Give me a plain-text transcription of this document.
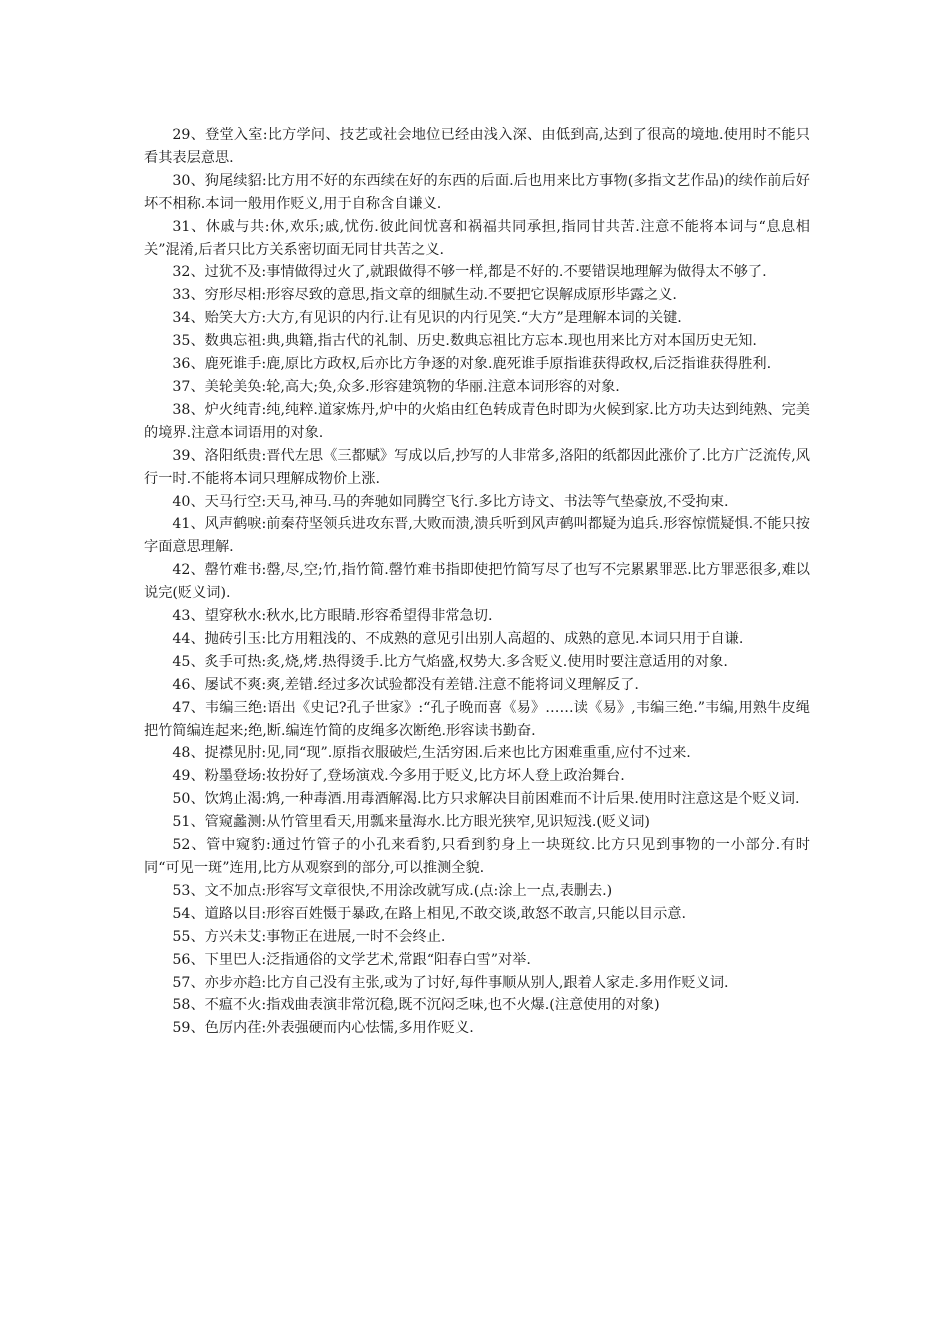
29、登堂入室:比方学问、技艺或社会地位已经由浅入深、由低到高,达到了很高的境地.使用时不能只看其表层意思.

30、狗尾续貂:比方用不好的东西续在好的东西的后面.后也用来比方事物(多指文艺作品)的续作前后好坏不相称.本词一般用作贬义,用于自称含自谦义.

31、休戚与共:休,欢乐;戚,忧伤.彼此间忧喜和祸福共同承担,指同甘共苦.注意不能将本词与“息息相关”混淆,后者只比方关系密切面无同甘共苦之义.

32、过犹不及:事情做得过火了,就跟做得不够一样,都是不好的.不要错误地理解为做得太不够了.

33、穷形尽相:形容尽致的意思,指文章的细腻生动.不要把它误解成原形毕露之义.

34、贻笑大方:大方,有见识的内行.让有见识的内行见笑.“大方”是理解本词的关键.

35、数典忘祖:典,典籍,指古代的礼制、历史.数典忘祖比方忘本.现也用来比方对本国历史无知.

36、鹿死谁手:鹿,原比方政权,后亦比方争逐的对象.鹿死谁手原指谁获得政权,后泛指谁获得胜利.

37、美轮美奂:轮,高大;奂,众多.形容建筑物的华丽.注意本词形容的对象.

38、炉火纯青:纯,纯粹.道家炼丹,炉中的火焰由红色转成青色时即为火候到家.比方功夫达到纯熟、完美的境界.注意本词语用的对象.

39、洛阳纸贵:晋代左思《三都赋》写成以后,抄写的人非常多,洛阳的纸都因此涨价了.比方广泛流传,风行一时.不能将本词只理解成物价上涨.

40、天马行空:天马,神马.马的奔驰如同腾空飞行.多比方诗文、书法等气垫豪放,不受拘束.

41、风声鹤唳:前秦苻坚领兵进攻东晋,大败而溃,溃兵听到风声鹤叫都疑为追兵.形容惊慌疑惧.不能只按字面意思理解.

42、罄竹难书:罄,尽,空;竹,指竹简.罄竹难书指即使把竹简写尽了也写不完累累罪恶.比方罪恶很多,难以说完(贬义词).

43、望穿秋水:秋水,比方眼睛.形容希望得非常急切.

44、抛砖引玉:比方用粗浅的、不成熟的意见引出别人高超的、成熟的意见.本词只用于自谦.

45、炙手可热:炙,烧,烤.热得烫手.比方气焰盛,权势大.多含贬义.使用时要注意适用的对象.

46、屡试不爽:爽,差错.经过多次试验都没有差错.注意不能将词义理解反了.

47、韦编三绝:语出《史记?孔子世家》:“孔子晚而喜《易》……读《易》,韦编三绝.”韦编,用熟牛皮绳把竹简编连起来;绝,断.编连竹简的皮绳多次断绝.形容读书勤奋.

48、捉襟见肘:见,同“现”.原指衣服破烂,生活穷困.后来也比方困难重重,应付不过来.

49、粉墨登场:妆扮好了,登场演戏.今多用于贬义,比方坏人登上政治舞台.

50、饮鸩止渴:鸩,一种毒酒.用毒酒解渴.比方只求解决目前困难而不计后果.使用时注意这是个贬义词.

51、管窥蠡测:从竹管里看天,用瓢来量海水.比方眼光狭窄,见识短浅.(贬义词)

52、管中窥豹:通过竹管子的小孔来看豹,只看到豹身上一块斑纹.比方只见到事物的一小部分.有时同“可见一斑”连用,比方从观察到的部分,可以推测全貌.

53、文不加点:形容写文章很快,不用涂改就写成.(点:涂上一点,表删去.)

54、道路以目:形容百姓慑于暴政,在路上相见,不敢交谈,敢怒不敢言,只能以目示意.

55、方兴未艾:事物正在进展,一时不会终止.

56、下里巴人:泛指通俗的文学艺术,常跟“阳春白雪”对举.

57、亦步亦趋:比方自己没有主张,或为了讨好,每件事顺从别人,跟着人家走.多用作贬义词.

58、不瘟不火:指戏曲表演非常沉稳,既不沉闷乏味,也不火爆.(注意使用的对象)

59、色厉内荏:外表强硬而内心怯懦,多用作贬义.
